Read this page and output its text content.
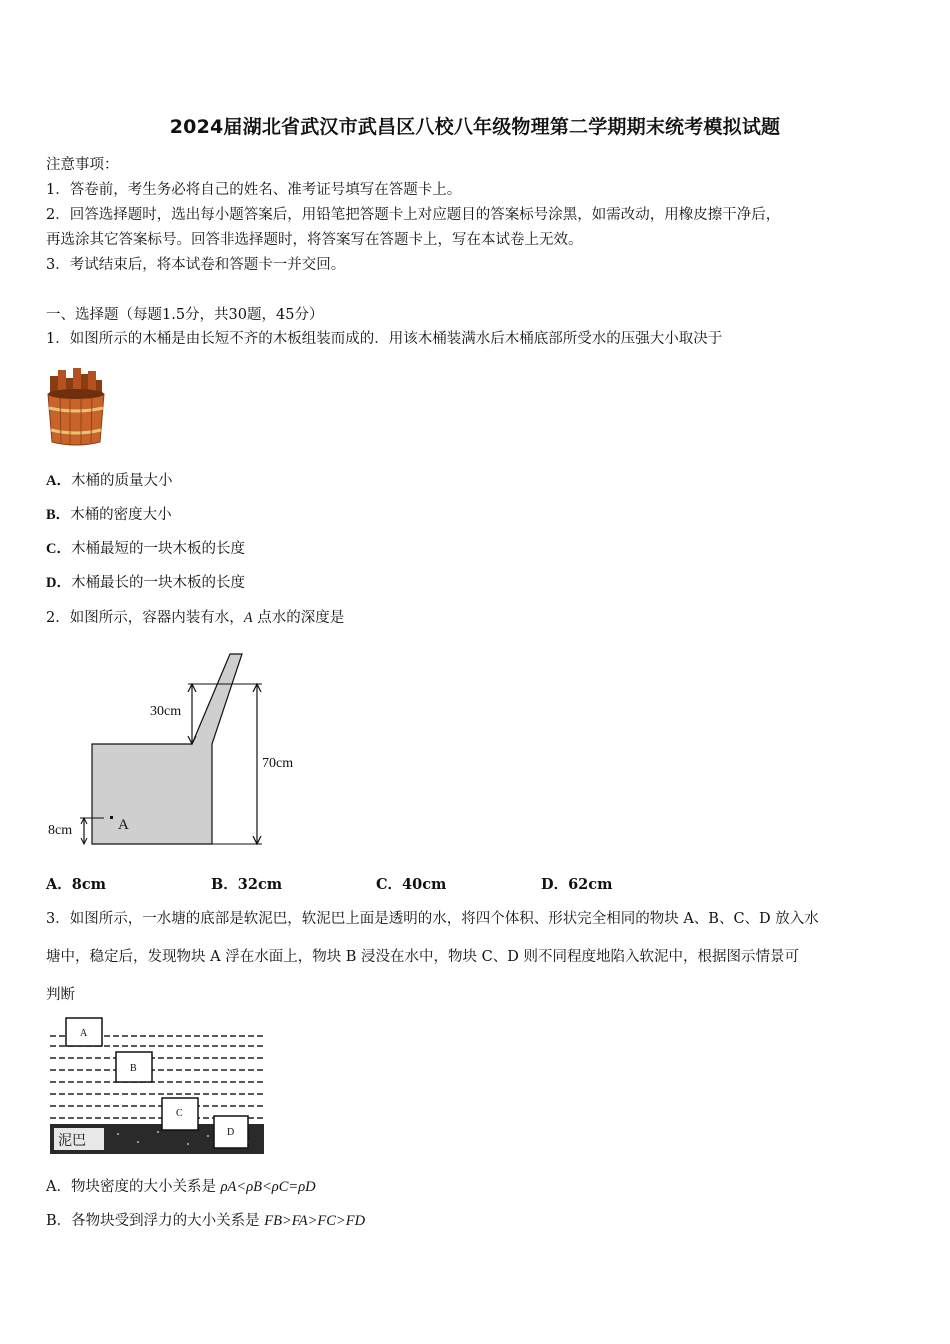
2024届湖北省武汉市武昌区八校八年级物理第二学期期末统考模拟试题
注意事项：
1．答卷前，考生务必将自己的姓名、准考证号填写在答题卡上。
2．回答选择题时，选出每小题答案后，用铅笔把答题卡上对应题目的答案标号涂黑，如需改动，用橡皮擦干净后，
再选涂其它答案标号。回答非选择题时，将答案写在答题卡上，写在本试卷上无效。
3．考试结束后，将本试卷和答题卡一并交回。
一、选择题（每题1.5分，共30题，45分）
1．如图所示的木桶是由长短不齐的木板组装而成的．用该木桶装满水后木桶底部所受水的压强大小取决于
A．木桶的质量大小
B．木桶的密度大小
C．木桶最短的一块木板的长度
D．木桶最长的一块木板的长度
2．如图所示，容器内装有水，A 点水的深度是
30cm
70cm
8cm	A
A．8cm	B．32cm	C．40cm	D．62cm
3．如图所示，一水塘的底部是软泥巴，软泥巴上面是透明的水，将四个体积、形状完全相同的物块 A、B、C、D 放入水
塘中，稳定后，发现物块 A 浮在水面上，物块 B 浸没在水中，物块 C、D 则不同程度地陷入软泥中，根据图示情景可
判断
泥巴
A
B
C
D
A．物块密度的大小关系是 ρA<ρB<ρC=ρD
B．各物块受到浮力的大小关系是 FB>FA>FC>FD
